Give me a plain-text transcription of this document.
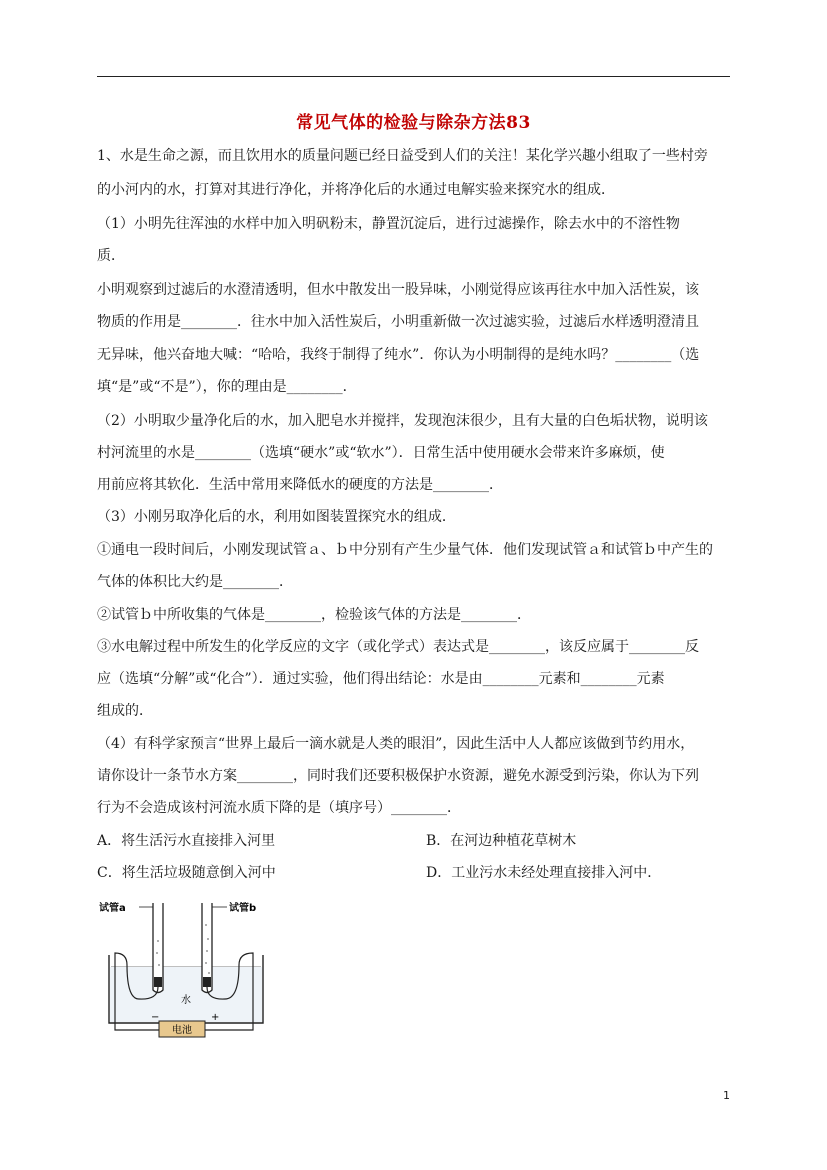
常见气体的检验与除杂方法83
1、水是生命之源，而且饮用水的质量问题已经日益受到人们的关注！某化学兴趣小组取了一些村旁
的小河内的水，打算对其进行净化，并将净化后的水通过电解实验来探究水的组成．
（1）小明先往浑浊的水样中加入明矾粉末，静置沉淀后，进行过滤操作，除去水中的不溶性物
质．
小明观察到过滤后的水澄清透明，但水中散发出一股异味，小刚觉得应该再往水中加入活性炭，该
物质的作用是________．往水中加入活性炭后，小明重新做一次过滤实验，过滤后水样透明澄清且
无异味，他兴奋地大喊：“哈哈，我终于制得了纯水”．你认为小明制得的是纯水吗？________（选
填“是”或“不是”），你的理由是________．
（2）小明取少量净化后的水，加入肥皂水并搅拌，发现泡沫很少，且有大量的白色垢状物，说明该
村河流里的水是________（选填“硬水”或“软水”）．日常生活中使用硬水会带来许多麻烦，使
用前应将其软化．生活中常用来降低水的硬度的方法是________．
（3）小刚另取净化后的水，利用如图装置探究水的组成．
①通电一段时间后，小刚发现试管ａ、ｂ中分别有产生少量气体．他们发现试管ａ和试管ｂ中产生的
气体的体积比大约是________．
②试管ｂ中所收集的气体是________，检验该气体的方法是________．
③水电解过程中所发生的化学反应的文字（或化学式）表达式是________，该反应属于________反
应（选填“分解”或“化合”）．通过实验，他们得出结论：水是由________元素和________元素
组成的．
（4）有科学家预言“世界上最后一滴水就是人类的眼泪”，因此生活中人人都应该做到节约用水，
请你设计一条节水方案________，同时我们还要积极保护水资源，避免水源受到污染，你认为下列
行为不会造成该村河流水质下降的是（填序号）________．
A．将生活污水直接排入河里	B．在河边种植花草树木
C．将生活垃圾随意倒入河中	D．工业污水未经处理直接排入河中．
电池
−	+
试管a	试管b
水
1
